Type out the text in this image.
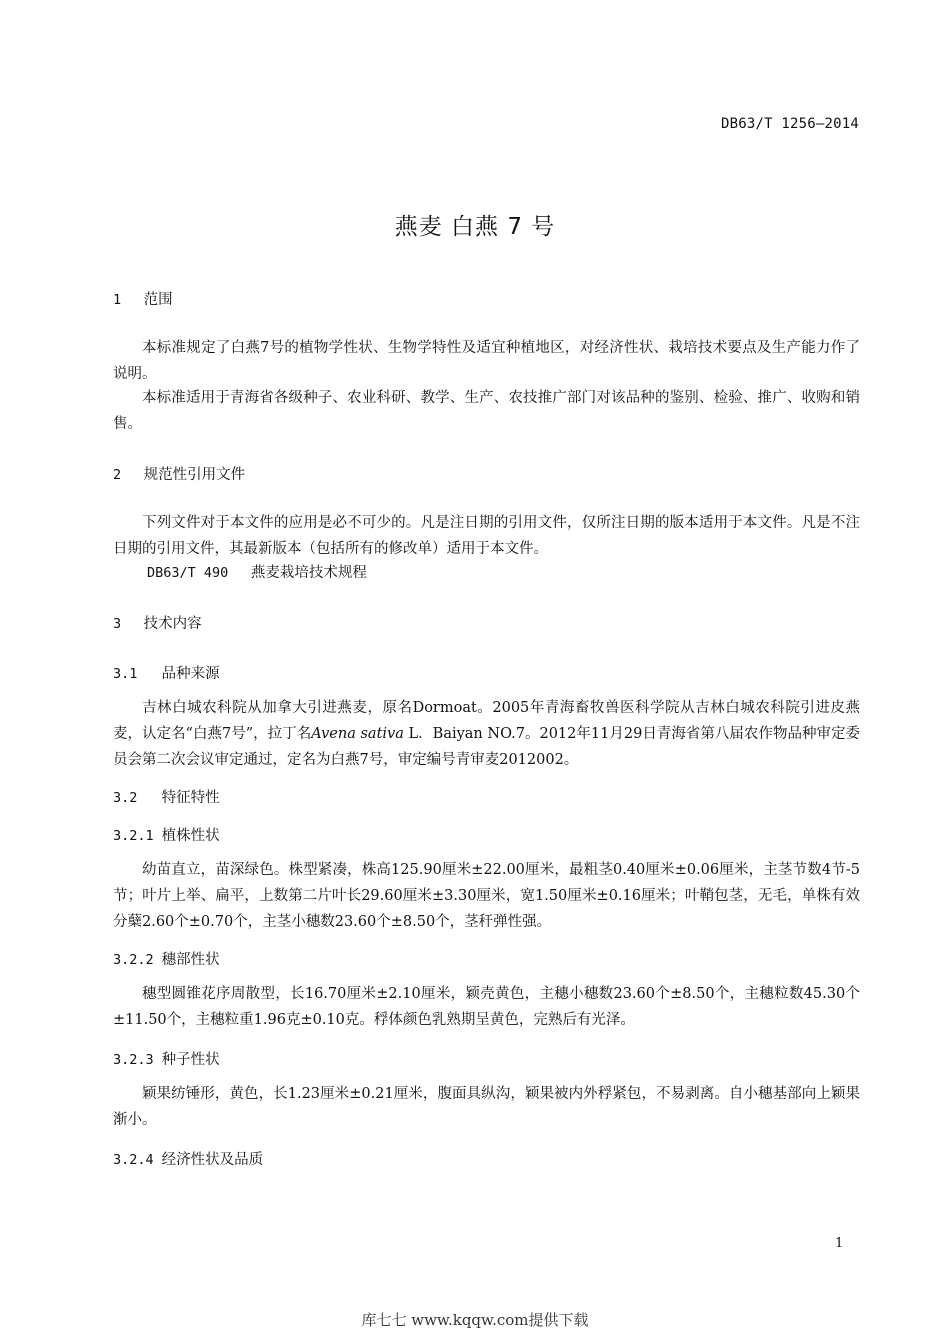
DB63/T 1256—2014
燕麦 白燕 7 号
1 范围
本标准规定了白燕7号的植物学性状、生物学特性及适宜种植地区，对经济性状、栽培技术要点及生产能力作了说明。
本标准适用于青海省各级种子、农业科研、教学、生产、农技推广部门对该品种的鉴别、检验、推广、收购和销售。
2 规范性引用文件
下列文件对于本文件的应用是必不可少的。凡是注日期的引用文件，仅所注日期的版本适用于本文件。凡是不注日期的引用文件，其最新版本（包括所有的修改单）适用于本文件。
DB63/T 490 燕麦栽培技术规程
3 技术内容
3.1 品种来源
吉林白城农科院从加拿大引进燕麦，原名Dormoat。2005年青海畜牧兽医科学院从吉林白城农科院引进皮燕麦，认定名“白燕7号”，拉丁名Avena sativa L．Baiyan NO.7。2012年11月29日青海省第八届农作物品种审定委员会第二次会议审定通过，定名为白燕7号，审定编号青审麦2012002。
3.2 特征特性
3.2.1 植株性状
幼苗直立，苗深绿色。株型紧凑，株高125.90厘米±22.00厘米，最粗茎0.40厘米±0.06厘米，主茎节数4节-5节；叶片上举、扁平，上数第二片叶长29.60厘米±3.30厘米，宽1.50厘米±0.16厘米；叶鞘包茎，无毛，单株有效分蘖2.60个±0.70个，主茎小穗数23.60个±8.50个，茎秆弹性强。
3.2.2 穗部性状
穗型圆锥花序周散型，长16.70厘米±2.10厘米，颖壳黄色，主穗小穗数23.60个±8.50个，主穗粒数45.30个±11.50个，主穗粒重1.96克±0.10克。稃体颜色乳熟期呈黄色，完熟后有光泽。
3.2.3 种子性状
颖果纺锤形，黄色，长1.23厘米±0.21厘米，腹面具纵沟，颖果被内外稃紧包，不易剥离。自小穗基部向上颖果渐小。
3.2.4 经济性状及品质
1
库七七 www.kqqw.com提供下载
